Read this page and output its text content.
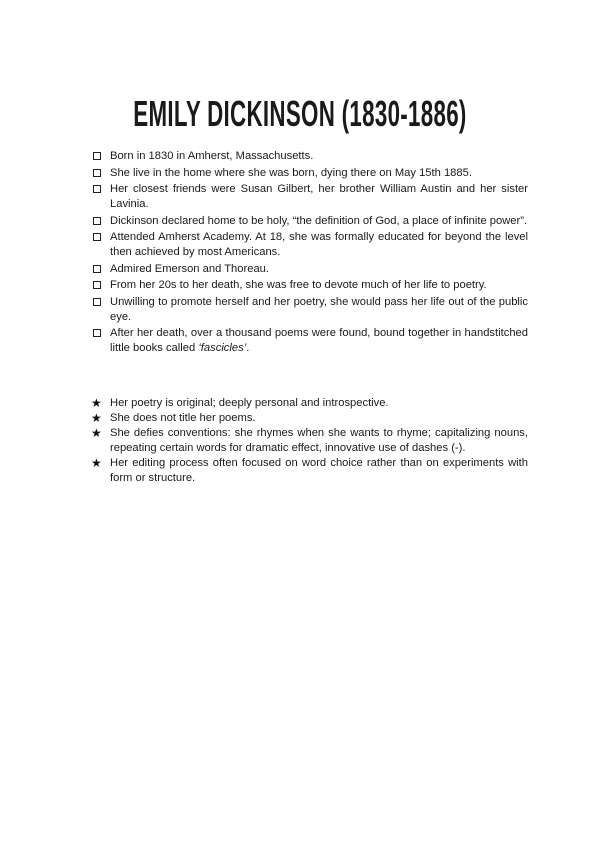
EMILY DICKINSON (1830-1886)
Born in 1830 in Amherst, Massachusetts.
She live in the home where she was born, dying there on May 15th 1885.
Her closest friends were Susan Gilbert, her brother William Austin and her sister Lavinia.
Dickinson declared home to be holy, “the definition of God, a place of infinite power”.
Attended Amherst Academy. At 18, she was formally educated for beyond the level then achieved by most Americans.
Admired Emerson and Thoreau.
From her 20s to her death, she was free to devote much of her life to poetry.
Unwilling to promote herself and her poetry, she would pass her life out of the public eye.
After her death, over a thousand poems were found, bound together in handstitched little books called ‘fascicles’.
★ Her poetry is original; deeply personal and introspective.
★ She does not title her poems.
★ She defies conventions: she rhymes when she wants to rhyme; capitalizing nouns, repeating certain words for dramatic effect, innovative use of dashes (-).
★ Her editing process often focused on word choice rather than on experiments with form or structure.
